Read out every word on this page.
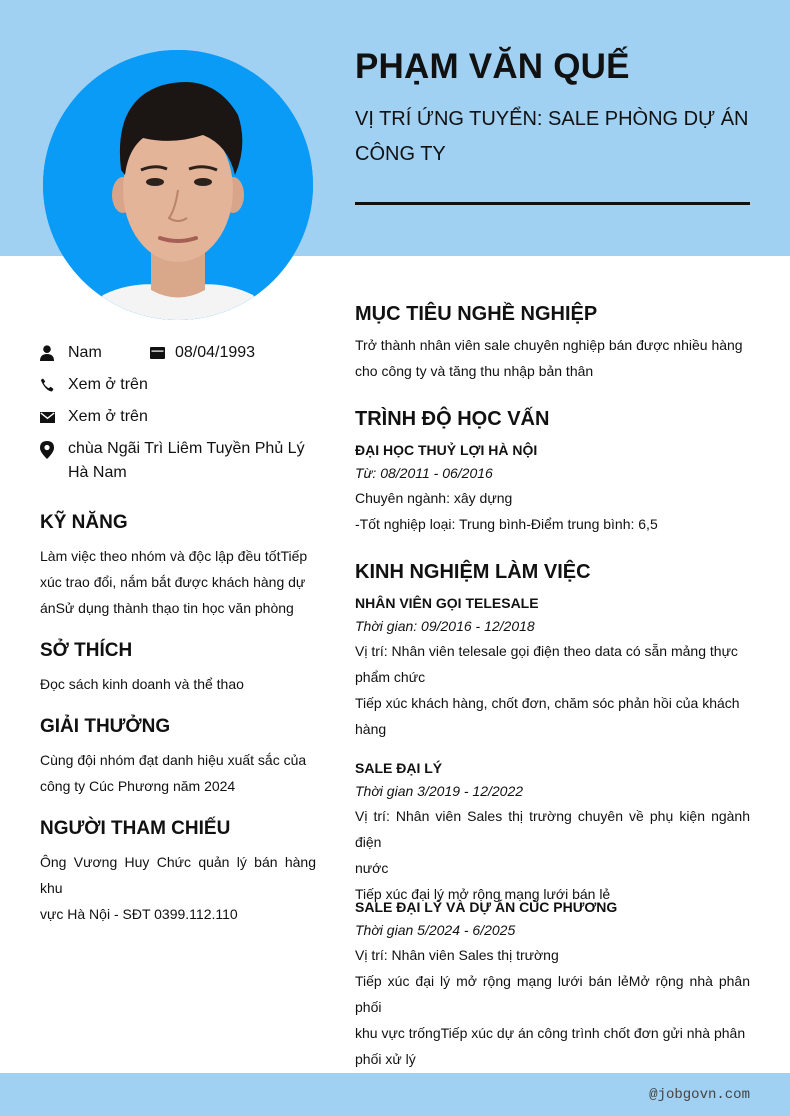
PHẠM VĂN QUẾ
VỊ TRÍ ỨNG TUYỂN: SALE PHÒNG DỰ ÁN
CÔNG TY
Nam	08/04/1993
Xem ở trên
Xem ở trên
chùa Ngãi Trì Liêm Tuyền Phủ Lý
Hà Nam
KỸ NĂNG
Làm việc theo nhóm và độc lập đều tốtTiếp
xúc trao đổi, nắm bắt được khách hàng dự
ánSử dụng thành thạo tin học văn phòng
SỞ THÍCH
Đọc sách kinh doanh và thể thao
GIẢI THƯỞNG
Cùng đội nhóm đạt danh hiệu xuất sắc của
công ty Cúc Phương năm 2024
NGƯỜI THAM CHIẾU
Ông Vương Huy Chức quản lý bán hàng khu
vực Hà Nội - SĐT 0399.112.110
MỤC TIÊU NGHỀ NGHIỆP
Trở thành nhân viên sale chuyên nghiệp bán được nhiều hàng
cho công ty và tăng thu nhập bản thân
TRÌNH ĐỘ HỌC VẤN
ĐẠI HỌC THUỶ LỢI HÀ NỘI
Từ: 08/2011 - 06/2016
Chuyên ngành: xây dựng
-Tốt nghiệp loại: Trung bình-Điểm trung bình: 6,5
KINH NGHIỆM LÀM VIỆC
NHÂN VIÊN GỌI TELESALE
Thời gian: 09/2016 - 12/2018
Vị trí: Nhân viên telesale gọi điện theo data có sẵn mảng thực
phẩm chức
Tiếp xúc khách hàng, chốt đơn, chăm sóc phản hồi của khách
hàng
SALE ĐẠI LÝ
Thời gian 3/2019 - 12/2022
Vị trí: Nhân viên Sales thị trường chuyên về phụ kiện ngành điện
nước
Tiếp xúc đại lý mở rộng mạng lưới bán lẻ
SALE ĐẠI LÝ VÀ DỰ ÁN CÚC PHƯƠNG
Thời gian 5/2024 - 6/2025
Vị trí: Nhân viên Sales thị trường
Tiếp xúc đại lý mở rộng mạng lưới bán lẻMở rộng nhà phân phối
khu vực trốngTiếp xúc dự án công trình chốt đơn gửi nhà phân
phối xử lý
@jobgovn.com
